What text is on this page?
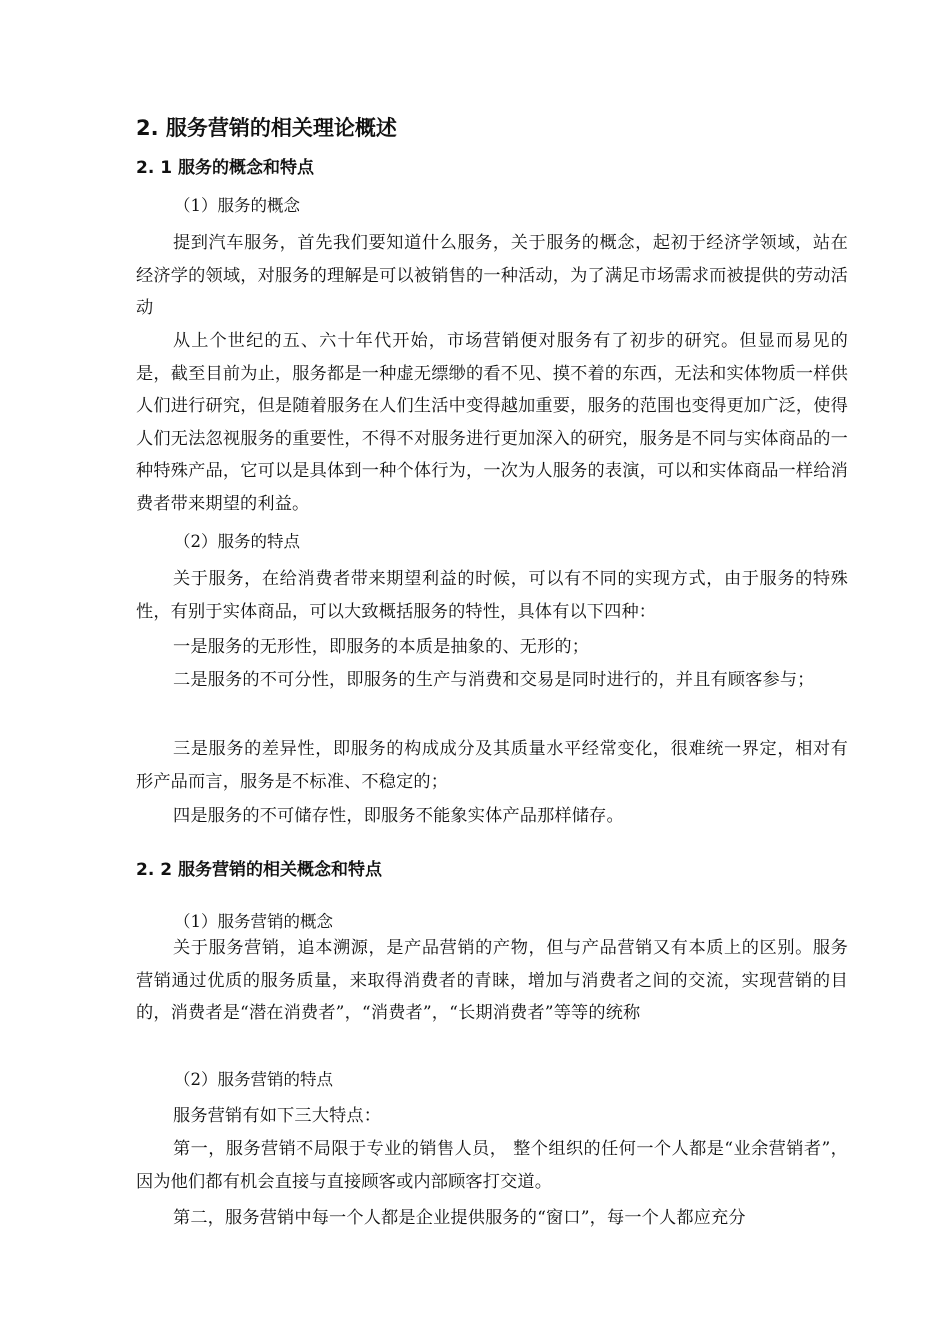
2. 服务营销的相关理论概述
2. 1 服务的概念和特点

（1）服务的概念

提到汽车服务，首先我们要知道什么服务，关于服务的概念，起初于经济学领域，站在经济学的领域，对服务的理解是可以被销售的一种活动，为了满足市场需求而被提供的劳动活动

从上个世纪的五、六十年代开始，市场营销便对服务有了初步的研究。但显而易见的是，截至目前为止，服务都是一种虚无缥缈的看不见、摸不着的东西，无法和实体物质一样供人们进行研究，但是随着服务在人们生活中变得越加重要，服务的范围也变得更加广泛，使得人们无法忽视服务的重要性，不得不对服务进行更加深入的研究，服务是不同与实体商品的一种特殊产品，它可以是具体到一种个体行为，一次为人服务的表演，可以和实体商品一样给消费者带来期望的利益。

（2）服务的特点

关于服务，在给消费者带来期望利益的时候，可以有不同的实现方式，由于服务的特殊性，有别于实体商品，可以大致概括服务的特性，具体有以下四种：

一是服务的无形性，即服务的本质是抽象的、无形的；

二是服务的不可分性，即服务的生产与消费和交易是同时进行的，并且有顾客参与；

三是服务的差异性，即服务的构成成分及其质量水平经常变化，很难统一界定，相对有形产品而言，服务是不标准、不稳定的；

四是服务的不可储存性，即服务不能象实体产品那样储存。

2. 2 服务营销的相关概念和特点

（1）服务营销的概念

关于服务营销，追本溯源，是产品营销的产物，但与产品营销又有本质上的区别。服务营销通过优质的服务质量，来取得消费者的青睐，增加与消费者之间的交流，实现营销的目的，消费者是“潜在消费者”，“消费者”，“长期消费者”等等的统称

（2）服务营销的特点

服务营销有如下三大特点：

第一，服务营销不局限于专业的销售人员， 整个组织的任何一个人都是“业余营销者”， 因为他们都有机会直接与直接顾客或内部顾客打交道。

第二，服务营销中每一个人都是企业提供服务的“窗口”，每一个人都应充分
